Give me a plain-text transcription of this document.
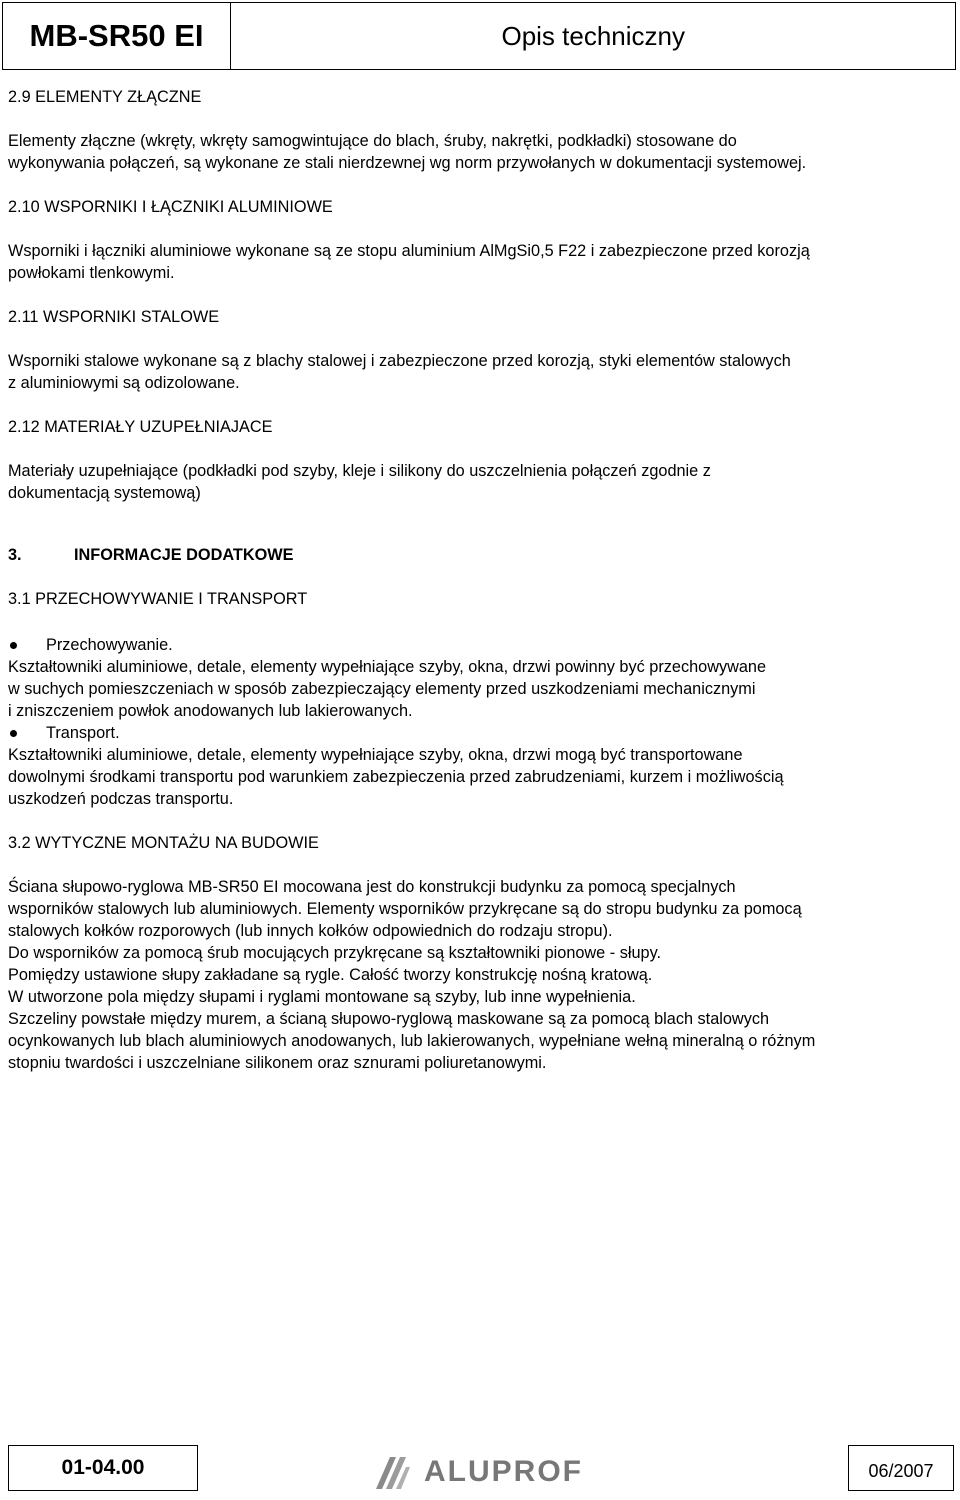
MB-SR50 EI	Opis techniczny

2.9 ELEMENTY ZŁĄCZNE

Elementy złączne (wkręty, wkręty samogwintujące do blach, śruby, nakrętki, podkładki) stosowane do

wykonywania połączeń, są wykonane ze stali nierdzewnej wg norm przywołanych w dokumentacji systemowej.

2.10 WSPORNIKI I ŁĄCZNIKI ALUMINIOWE

Wsporniki i łączniki aluminiowe wykonane są ze stopu aluminium AlMgSi0,5 F22 i zabezpieczone przed korozją

powłokami tlenkowymi.

2.11 WSPORNIKI STALOWE

Wsporniki stalowe wykonane są z blachy stalowej i zabezpieczone przed korozją, styki elementów stalowych

z aluminiowymi są odizolowane.

2.12 MATERIAŁY UZUPEŁNIAJACE

Materiały uzupełniające (podkładki pod szyby, kleje i silikony do uszczelnienia połączeń zgodnie z

dokumentacją systemową)

3.	INFORMACJE DODATKOWE

3.1 PRZECHOWYWANIE I TRANSPORT

Przechowywanie.

Kształtowniki aluminiowe, detale, elementy wypełniające szyby, okna, drzwi powinny być przechowywane

w suchych pomieszczeniach w sposób zabezpieczający elementy przed uszkodzeniami mechanicznymi

i zniszczeniem powłok anodowanych lub lakierowanych.

Transport.

Kształtowniki aluminiowe, detale, elementy wypełniające szyby, okna, drzwi mogą być transportowane

dowolnymi środkami transportu pod warunkiem zabezpieczenia przed zabrudzeniami, kurzem i możliwością

uszkodzeń podczas transportu.

3.2 WYTYCZNE MONTAŻU NA BUDOWIE

Ściana słupowo-ryglowa MB-SR50 EI mocowana jest do konstrukcji budynku za pomocą specjalnych

wsporników stalowych lub aluminiowych. Elementy wsporników przykręcane są do stropu budynku za pomocą

stalowych kołków rozporowych (lub innych kołków odpowiednich do rodzaju stropu).

Do wsporników za pomocą śrub mocujących przykręcane są kształtowniki pionowe - słupy.

Pomiędzy ustawione słupy zakładane są rygle. Całość tworzy konstrukcję nośną kratową.

W utworzone pola między słupami i ryglami montowane są szyby, lub inne wypełnienia.

Szczeliny powstałe między murem, a ścianą słupowo-ryglową maskowane są za pomocą blach stalowych

ocynkowanych lub blach aluminiowych anodowanych, lub lakierowanych, wypełniane wełną mineralną o różnym

stopniu twardości i uszczelniane silikonem oraz sznurami poliuretanowymi.

01-04.00	ALUPROF	06/2007
